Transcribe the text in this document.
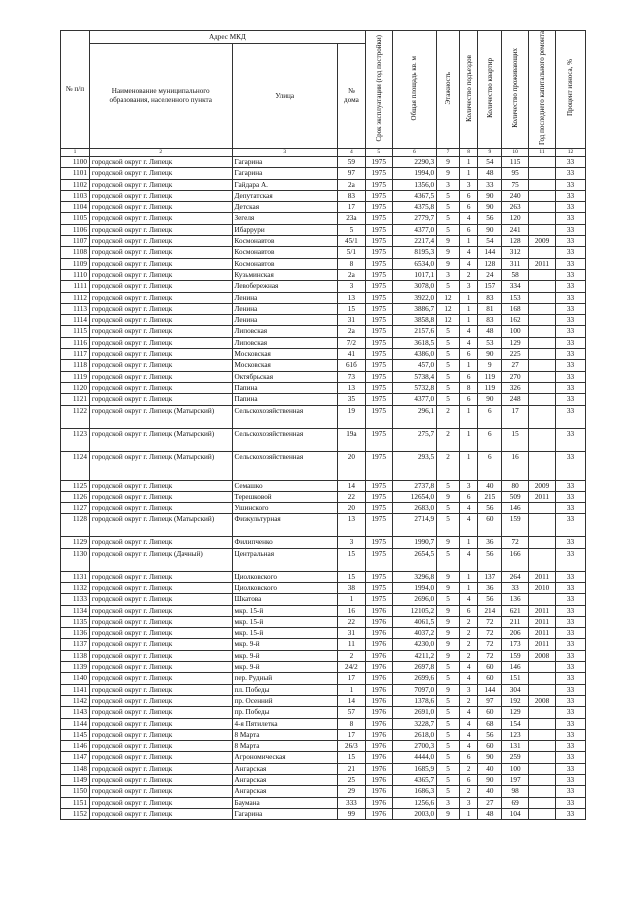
№ п/п	Адрес МКД			Срок эксплуатации (год постройки)	Общая площадь кв. м	Этажность	Количество подъездов	Количество квартир	Количество проживающих	Год последнего капитального ремонта	Процент износа, %
	Наименование муниципального образования, населенного пункта	Улица	№ дома								
1	2	3	4	5	6	7	8	9	10	11	12
1100	городской округ г. Липецк	Гагарина	59	1975	2290,3	9	1	54	115		33
1101	городской округ г. Липецк	Гагарина	97	1975	1994,0	9	1	48	95		33
1102	городской округ г. Липецк	Гайдара А.	2а	1975	1356,0	3	3	33	75		33
1103	городской округ г. Липецк	Депутатская	83	1975	4367,5	5	6	90	240		33
1104	городской округ г. Липецк	Детская	17	1975	4375,8	5	6	90	263		33
1105	городской округ г. Липецк	Зегеля	23а	1975	2779,7	5	4	56	120		33
1106	городской округ г. Липецк	Ибаррури	5	1975	4377,0	5	6	90	241		33
1107	городской округ г. Липецк	Космонавтов	45/1	1975	2217,4	9	1	54	128	2009	33
1108	городской округ г. Липецк	Космонавтов	5/1	1975	8195,3	9	4	144	312		33
1109	городской округ г. Липецк	Космонавтов	8	1975	6534,0	9	4	128	311	2011	33
1110	городской округ г. Липецк	Кузьминская	2а	1975	1017,1	3	2	24	58		33
1111	городской округ г. Липецк	Левобережная	3	1975	3078,0	5	3	157	334		33
1112	городской округ г. Липецк	Ленина	13	1975	3922,0	12	1	83	153		33
1113	городской округ г. Липецк	Ленина	15	1975	3886,7	12	1	81	168		33
1114	городской округ г. Липецк	Ленина	31	1975	3858,8	12	1	83	162		33
1115	городской округ г. Липецк	Липовская	2а	1975	2157,6	5	4	48	100		33
1116	городской округ г. Липецк	Липовская	7/2	1975	3618,5	5	4	53	129		33
1117	городской округ г. Липецк	Московская	41	1975	4386,0	5	6	90	225		33
1118	городской округ г. Липецк	Московская	61б	1975	457,0	5	1	9	27		33
1119	городской округ г. Липецк	Октябрьская	73	1975	5738,4	5	6	119	270		33
1120	городской округ г. Липецк	Папина	13	1975	5732,8	5	8	119	326		33
1121	городской округ г. Липецк	Папина	35	1975	4377,0	5	6	90	248		33
1122	городской округ г. Липецк (Матырский)	Сельскохозяйственная	19	1975	296,1	2	1	6	17		33
1123	городской округ г. Липецк (Матырский)	Сельскохозяйственная	19а	1975	275,7	2	1	6	15		33
1124	городской округ г. Липецк (Матырский)	Сельскохозяйственная	20	1975	293,5	2	1	6	16		33
1125	городской округ г. Липецк	Семашко	14	1975	2737,8	5	3	40	80	2009	33
1126	городской округ г. Липецк	Терешковой	22	1975	12654,0	9	6	215	509	2011	33
1127	городской округ г. Липецк	Ушинского	20	1975	2683,0	5	4	56	146		33
1128	городской округ г. Липецк (Матырский)	Физкультурная	13	1975	2714,9	5	4	60	159		33
1129	городской округ г. Липецк	Филипченко	3	1975	1990,7	9	1	36	72		33
1130	городской округ г. Липецк (Дачный)	Центральная	15	1975	2654,5	5	4	56	166		33
1131	городской округ г. Липецк	Циолковского	15	1975	3296,8	9	1	137	264	2011	33
1132	городской округ г. Липецк	Циолковского	38	1975	1994,0	9	1	36	33	2010	33
1133	городской округ г. Липецк	Шкатова	1	1975	2696,0	5	4	56	136		33
1134	городской округ г. Липецк	мкр. 15-й	16	1976	12105,2	9	6	214	621	2011	33
1135	городской округ г. Липецк	мкр. 15-й	22	1976	4061,5	9	2	72	211	2011	33
1136	городской округ г. Липецк	мкр. 15-й	31	1976	4037,2	9	2	72	206	2011	33
1137	городской округ г. Липецк	мкр. 9-й	11	1976	4230,0	9	2	72	173	2011	33
1138	городской округ г. Липецк	мкр. 9-й	2	1976	4211,2	9	2	72	159	2008	33
1139	городской округ г. Липецк	мкр. 9-й	24/2	1976	2697,8	5	4	60	146		33
1140	городской округ г. Липецк	пер. Рудный	17	1976	2699,6	5	4	60	151		33
1141	городской округ г. Липецк	пл. Победы	1	1976	7097,0	9	3	144	304		33
1142	городской округ г. Липецк	пр. Осенний	14	1976	1378,6	5	2	97	192	2008	33
1143	городской округ г. Липецк	пр. Победы	57	1976	2691,0	5	4	60	129		33
1144	городской округ г. Липецк	4-я Пятилетка	8	1976	3228,7	5	4	68	154		33
1145	городской округ г. Липецк	8 Марта	17	1976	2618,0	5	4	56	123		33
1146	городской округ г. Липецк	8 Марта	26/3	1976	2700,3	5	4	60	131		33
1147	городской округ г. Липецк	Агрономическая	15	1976	4444,0	5	6	90	259		33
1148	городской округ г. Липецк	Ангарская	21	1976	1685,9	5	2	40	100		33
1149	городской округ г. Липецк	Ангарская	25	1976	4365,7	5	6	90	197		33
1150	городской округ г. Липецк	Ангарская	29	1976	1686,3	5	2	40	98		33
1151	городской округ г. Липецк	Баумана	333	1976	1256,6	3	3	27	69		33
1152	городской округ г. Липецк	Гагарина	99	1976	2003,0	9	1	48	104		33
